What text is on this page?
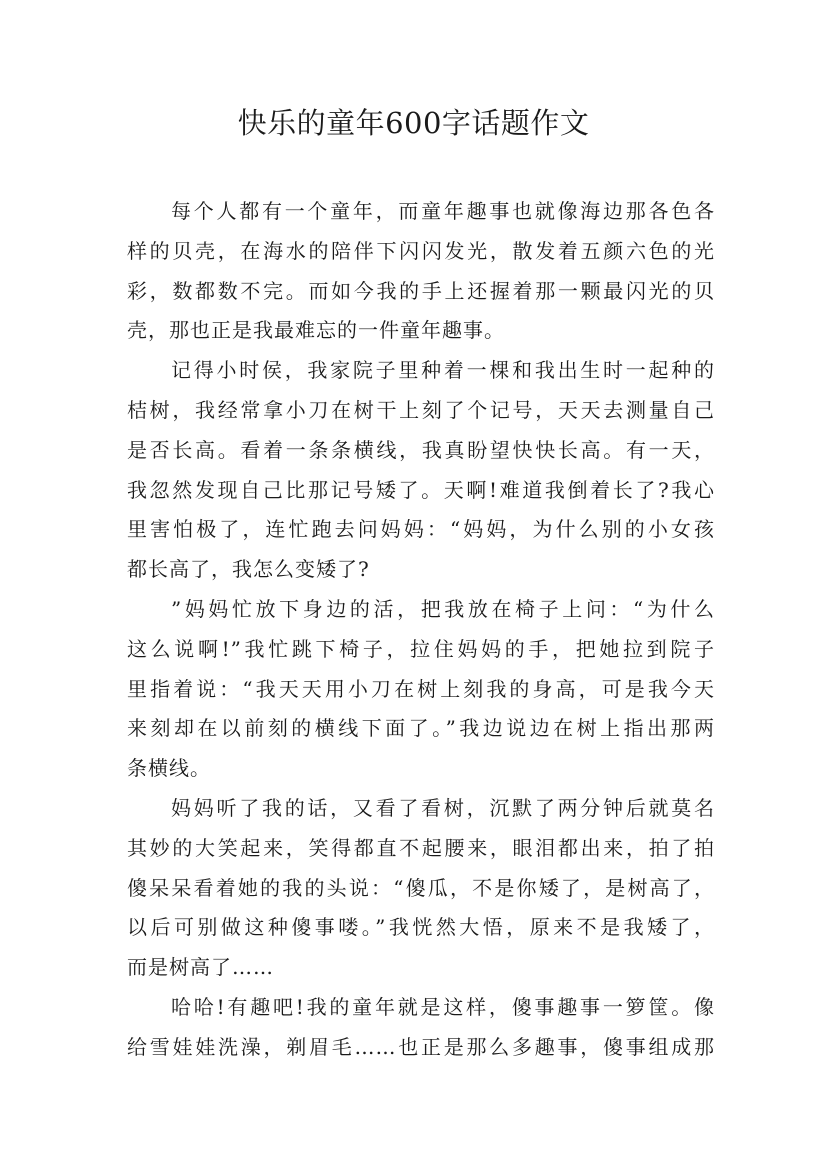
快乐的童年600字话题作文

每个人都有一个童年，而童年趣事也就像海边那各色各
样的贝壳，在海水的陪伴下闪闪发光，散发着五颜六色的光
彩，数都数不完。而如今我的手上还握着那一颗最闪光的贝
壳，那也正是我最难忘的一件童年趣事。

记得小时侯，我家院子里种着一棵和我出生时一起种的
桔树，我经常拿小刀在树干上刻了个记号，天天去测量自己
是否长高。看着一条条横线，我真盼望快快长高。有一天，
我忽然发现自己比那记号矮了。天啊!难道我倒着长了?我心
里害怕极了，连忙跑去问妈妈：“妈妈，为什么别的小女孩
都长高了，我怎么变矮了?

”妈妈忙放下身边的活，把我放在椅子上问：“为什么
这么说啊!”我忙跳下椅子，拉住妈妈的手，把她拉到院子
里指着说：“我天天用小刀在树上刻我的身高，可是我今天
来刻却在以前刻的横线下面了。”我边说边在树上指出那两
条横线。

妈妈听了我的话，又看了看树，沉默了两分钟后就莫名
其妙的大笑起来，笑得都直不起腰来，眼泪都出来，拍了拍
傻呆呆看着她的我的头说：“傻瓜，不是你矮了，是树高了，
以后可别做这种傻事喽。”我恍然大悟，原来不是我矮了，
而是树高了……

哈哈!有趣吧!我的童年就是这样，傻事趣事一箩筐。像
给雪娃娃洗澡，剃眉毛……也正是那么多趣事，傻事组成那
